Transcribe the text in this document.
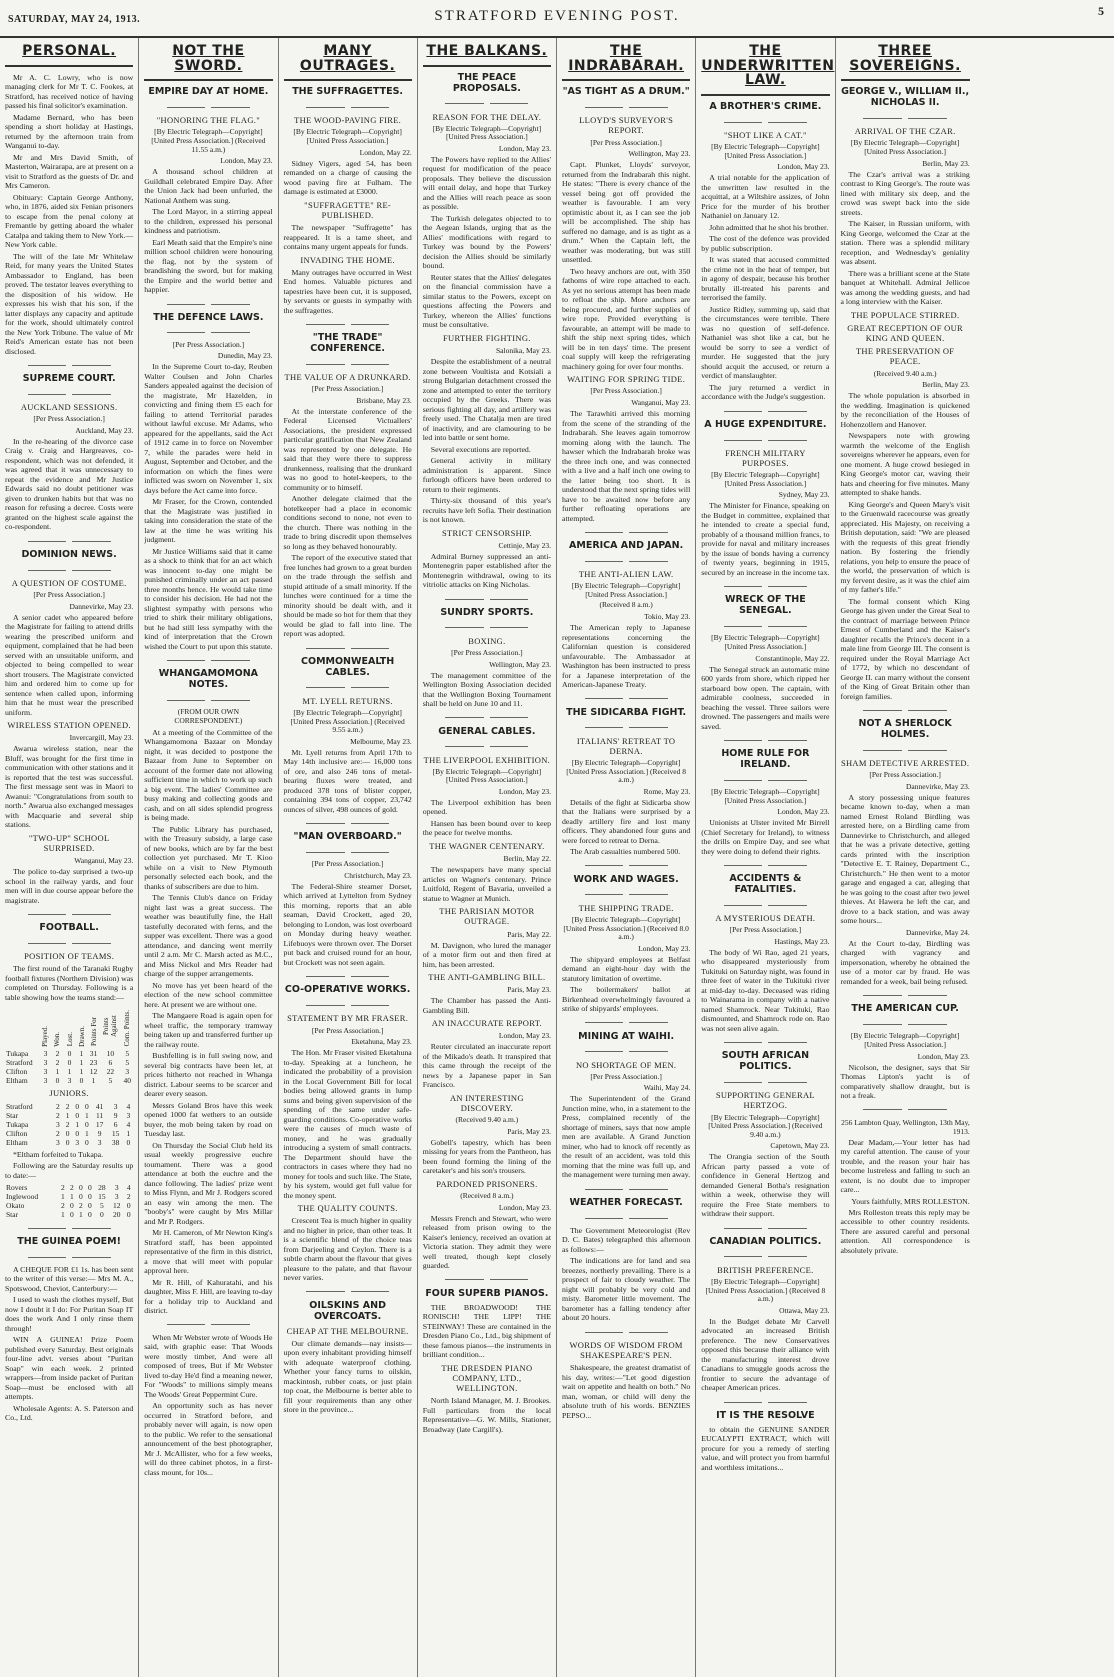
SATURDAY, MAY 24, 1913.	STRATFORD EVENING POST.	5
PERSONAL.

Mr A. C. Lowry, who is now managing clerk for Mr T. C. Fookes, at Stratford, has received notice of having passed his final solicitor's examination.

Madame Bernard, who has been spending a short holiday at Hastings, returned by the afternoon train from Wanganui to-day.

Mr and Mrs David Smith, of Masterton, Wairarapa, are at present on a visit to Stratford as the guests of Dr. and Mrs Cameron.

Obituary: Captain George Anthony, who, in 1876, aided six Fenian prisoners to escape from the penal colony at Fremantle by getting aboard the whaler Catalpa and taking them to New York.—New York cable.

The will of the late Mr Whitelaw Reid, for many years the United States Ambassador to England, has been proved. The testator leaves everything to the disposition of his widow. He expresses his wish that his son, if the latter displays any capacity and aptitude for the work, should ultimately control the New York Tribune. The value of Mr Reid's American estate has not been disclosed.

SUPREME COURT.
AUCKLAND SESSIONS.
[Per Press Association.]
Auckland, May 23.

In the re-hearing of the divorce case Craig v. Craig and Hargreaves, co-respondent, which was not defended, it was agreed that it was unnecessary to repeat the evidence and Mr Justice Edwards said no doubt petitioner was given to drunken habits but that was no reason for refusing a decree. Costs were granted on the highest scale against the co-respondent.

DOMINION NEWS.
A QUESTION OF COSTUME.
[Per Press Association.]
Dannevirke, May 23.

A senior cadet who appeared before the Magistrate for failing to attend drills wearing the prescribed uniform and equipment, complained that he had been served with an unsuitable uniform, and objected to being compelled to wear short trousers. The Magistrate convicted him and ordered him to come up for sentence when called upon, informing him that he must wear the prescribed uniform.

WIRELESS STATION OPENED.
Invercargill, May 23.

Awarua wireless station, near the Bluff, was brought for the first time in communication with other stations and it is reported that the test was successful. The first message sent was in Maori to Awanui: "Congratulations from south to north." Awarua also exchanged messages with Macquarie and several ship stations.

"TWO-UP" SCHOOL SURPRISED.
Wanganui, May 23.

The police to-day surprised a two-up school in the railway yards, and four men will in due course appear before the magistrate.

FOOTBALL.
POSITION OF TEAMS.

The first round of the Taranaki Rugby football fixtures (Northern Division) was completed on Thursday. Following is a table showing how the teams stand:—

	Played.	Won.	Lost.	Drawn.	Points For	Points Against	Com. Points.
Tukapa	3	2	0	1	31	10	5
Stratford	3	2	0	1	23	6	5
Clifton	3	1	1	1	12	22	3
Eltham	3	0	3	0	1	5	40
JUNIORS.
Stratford	2	2	0	0	41	3	4
Star	2	1	0	1	11	9	3
Tukapa	3	2	1	0	17	6	4
Clifton	2	0	0	1	9	15	1
Eltham	3	0	3	0	3	38	0

*Eltham forfeited to Tukapa.

Following are the Saturday results up to date:—

Rovers	2	2	0	0	28	3	4
Inglewood	1	1	0	0	15	3	2
Okato	2	0	2	0	5	12	0
Star	1	0	1	0	0	20	0
THE GUINEA POEM!

A CHEQUE FOR £1 1s. has been sent to the writer of this verse:— Mrs M. A., Spotswood, Cheviot, Canterbury:—

I used to wash the clothes myself, But now I doubt it I do: For Puritan Soap IT does the work And I only rinse them through!

WIN A GUINEA! Prize Poem published every Saturday. Best originals four-line advt. verses about "Puritan Soap" win each week. 2 printed wrappers—from inside packet of Puritan Soap—must be enclosed with all attempts.

Wholesale Agents: A. S. Paterson and Co., Ltd.

NOT THE SWORD.
EMPIRE DAY AT HOME.
"HONORING THE FLAG."
[By Electric Telegraph—Copyright] [United Press Association.] (Received 11.55 a.m.)
London, May 23.

A thousand school children at Guildhall celebrated Empire Day. After the Union Jack had been unfurled, the National Anthem was sung.

The Lord Mayor, in a stirring appeal to the children, expressed his personal kindness and patriotism.

Earl Meath said that the Empire's nine million school children were honouring the flag, not by the system of brandishing the sword, but for making the Empire and the world better and happier.

THE DEFENCE LAWS.
[Per Press Association.]
Dunedin, May 23.

In the Supreme Court to-day, Reuben Walter Coulsen and John Charles Sanders appealed against the decision of the magistrate, Mr Hazelden, in convicting and fining them £5 each for failing to attend Territorial parades without lawful excuse. Mr Adams, who appeared for the appellants, said the Act of 1912 came in to force on November 7, while the parades were held in August, September and October, and the information on which the fines were inflicted was sworn on November 1, six days before the Act came into force.

Mr Fraser, for the Crown, contended that the Magistrate was justified in taking into consideration the state of the law at the time he was writing his judgment.

Mr Justice Williams said that it came as a shock to think that for an act which was innocent to-day one might be punished criminally under an act passed three months hence. He would take time to consider his decision. He had not the slightest sympathy with persons who tried to shirk their military obligations, but he had still less sympathy with the kind of interpretation that the Crown wished the Court to put upon this statute.

WHANGAMOMONA NOTES.
(FROM OUR OWN CORRESPONDENT.)

At a meeting of the Committee of the Whangamomona Bazaar on Monday night, it was decided to postpone the Bazaar from June to September on account of the former date not allowing sufficient time in which to work up such a big event. The ladies' Committee are busy making and collecting goods and cash, and on all sides splendid progress is being made.

The Public Library has purchased, with the Treasury subsidy, a large case of new books, which are by far the best collection yet purchased. Mr T. Kioo while on a visit to New Plymouth personally selected each book, and the thanks of subscribers are due to him.

The Tennis Club's dance on Friday night last was a great success. The weather was beautifully fine, the Hall tastefully decorated with ferns, and the supper was excellent. There was a good attendance, and dancing went merrily until 2 a.m. Mr C. Marsh acted as M.C., and Miss Nickol and Mrs Reader had charge of the supper arrangements.

No move has yet been heard of the election of the new school committee here. At present we are without one.

The Mangaere Road is again open for wheel traffic, the temporary tramway being taken up and transferred further up the railway route.

Bushfelling is in full swing now, and several big contracts have been let, at prices hitherto not reached in Whanga district. Labour seems to be scarcer and dearer every season.

Messrs Goland Bros have this week opened 1000 fat wethers to an outside buyer, the mob being taken by road on Tuesday last.

On Thursday the Social Club held its usual weekly progressive euchre tournament. There was a good attendance at both the euchre and the dance following. The ladies' prize went to Miss Flynn, and Mr J. Rodgers scored an easy win among the men. The "booby's" were caught by Mrs Millar and Mr P. Rodgers.

Mr H. Cameron, of Mr Newton King's Stratford staff, has been appointed representative of the firm in this district, a move that will meet with popular approval here.

Mr R. Hill, of Kahuratahi, and his daughter, Miss F. Hill, are leaving to-day for a holiday trip to Auckland and district.

When Mr Webster wrote of Woods He said, with graphic ease: That Woods were mostly timber, And were all composed of trees, But if Mr Webster lived to-day He'd find a meaning newer, For "Woods" to millions simply means The Woods' Great Peppermint Cure.

An opportunity such as has never occurred in Stratford before, and probably never will again, is now open to the public. We refer to the sensational announcement of the best photographer, Mr J. McAllister, who for a few weeks, will do three cabinet photos, in a first-class mount, for 10s...

MANY OUTRAGES.
THE SUFFRAGETTES.
THE WOOD-PAVING FIRE.
[By Electric Telegraph—Copyright] [United Press Association.]
London, May 22.

Sidney Vigers, aged 54, has been remanded on a charge of causing the wood paving fire at Fulham. The damage is estimated at £3000.

"SUFFRAGETTE" RE-PUBLISHED.

The newspaper "Suffragette" has reappeared. It is a tame sheet, and contains many urgent appeals for funds.

INVADING THE HOME.

Many outrages have occurred in West End homes. Valuable pictures and tapestries have been cut, it is supposed, by servants or guests in sympathy with the suffragettes.

"THE TRADE" CONFERENCE.
THE VALUE OF A DRUNKARD.
[Per Press Association.]
Brisbane, May 23.

At the interstate conference of the Federal Licensed Victuallers' Associations, the president expressed particular gratification that New Zealand was represented by one delegate. He said that they were there to suppress drunkenness, realising that the drunkard was no good to hotel-keepers, to the community or to himself.

Another delegate claimed that the hotelkeeper had a place in economic conditions second to none, not even to the church. There was nothing in the trade to bring discredit upon themselves so long as they behaved honourably.

The report of the executive stated that free lunches had grown to a great burden on the trade through the selfish and stupid attitude of a small minority. If the lunches were continued for a time the minority should be dealt with, and it should be made so hot for them that they would be glad to fall into line. The report was adopted.

COMMONWEALTH CABLES.
MT. LYELL RETURNS.
[By Electric Telegraph—Copyright] [United Press Association.] (Received 9.55 a.m.)
Melbourne, May 23.

Mt. Lyell returns from April 17th to May 14th inclusive are:— 16,000 tons of ore, and also 246 tons of metal-bearing fluxes were treated, and produced 378 tons of blister copper, containing 394 tons of copper, 23,742 ounces of silver, 498 ounces of gold.

"MAN OVERBOARD."
[Per Press Association.]
Christchurch, May 23.

The Federal-Shire steamer Dorset, which arrived at Lyttelton from Sydney this morning, reports that an able seaman, David Crockett, aged 20, belonging to London, was lost overboard on Monday during heavy weather. Lifebuoys were thrown over. The Dorset put back and cruised round for an hour, but Crockett was not seen again.

CO-OPERATIVE WORKS.
STATEMENT BY MR FRASER.
[Per Press Association.]
Eketahuna, May 23.

The Hon. Mr Fraser visited Eketahuna to-day. Speaking at a luncheon, he indicated the probability of a provision in the Local Government Bill for local bodies being allowed grants in lump sums and being given supervision of the spending of the same under safe-guarding conditions. Co-operative works were the causes of much waste of money, and he was gradually introducing a system of small contracts. The Department should have the contractors in cases where they had no money for tools and such like. The State, by his system, would get full value for the money spent.

THE QUALITY COUNTS.

Crescent Tea is much higher in quality and no higher in price, than other teas. It is a scientific blend of the choice teas from Darjeeling and Ceylon. There is a subtle charm about the flavour that gives pleasure to the palate, and that flavour never varies.

OILSKINS AND OVERCOATS.
CHEAP AT THE MELBOURNE.

Our climate demands—nay insists—upon every inhabitant providing himself with adequate waterproof clothing. Whether your fancy turns to oilskin, mackintosh, rubber coats, or just plain top coat, the Melbourne is better able to fill your requirements than any other store in the province...

THE BALKANS.
THE PEACE PROPOSALS.
REASON FOR THE DELAY.
[By Electric Telegraph—Copyright] [United Press Association.]
London, May 23.

The Powers have replied to the Allies' request for modification of the peace proposals. They believe the discussion will entail delay, and hope that Turkey and the Allies will reach peace as soon as possible.

The Turkish delegates objected to to the Aegean Islands, urging that as the Allies' modifications with regard to Turkey was bound by the Powers' decision the Allies should be similarly bound.

Reuter states that the Allies' delegates on the financial commission have a similar status to the Powers, except on questions affecting the Powers and Turkey, whereon the Allies' functions must be consultative.

FURTHER FIGHTING.
Salonika, May 23.

Despite the establishment of a neutral zone between Voultista and Kotsiali a strong Bulgarian detachment crossed the zone and attempted to enter the territory occupied by the Greeks. There was serious fighting all day, and artillery was freely used. The Chatalja men are tired of inactivity, and are clamouring to be led into battle or sent home.

Several executions are reported.

General activity in military administration is apparent. Since furlough officers have been ordered to return to their regiments.

Thirty-six thousand of this year's recruits have left Sofia. Their destination is not known.

STRICT CENSORSHIP.
Cettinje, May 23.

Admiral Burney suppressed an anti-Montenegrin paper established after the Montenegrin withdrawal, owing to its vitriolic attacks on King Nicholas.

SUNDRY SPORTS.
BOXING.
[Per Press Association.]
Wellington, May 23.

The management committee of the Wellington Boxing Association decided that the Wellington Boxing Tournament shall be held on June 10 and 11.

GENERAL CABLES.
THE LIVERPOOL EXHIBITION.
[By Electric Telegraph—Copyright] [United Press Association.]
London, May 23.

The Liverpool exhibition has been opened.

Hansen has been bound over to keep the peace for twelve months.

THE WAGNER CENTENARY.
Berlin, May 22.

The newspapers have many special articles on Wagner's centenary. Prince Luitfold, Regent of Bavaria, unveiled a statue to Wagner at Munich.

THE PARISIAN MOTOR OUTRAGE.
Paris, May 22.

M. Davignon, who lured the manager of a motor firm out and then fired at him, has been arrested.

THE ANTI-GAMBLING BILL.
Paris, May 23.

The Chamber has passed the Anti-Gambling Bill.

AN INACCURATE REPORT.
London, May 23.

Reuter circulated an inaccurate report of the Mikado's death. It transpired that this came through the receipt of the news by a Japanese paper in San Francisco.

AN INTERESTING DISCOVERY.
(Received 9.40 a.m.)
Paris, May 23.

Gobell's tapestry, which has been missing for years from the Pantheon, has been found forming the lining of the caretaker's and his son's trousers.

PARDONED PRISONERS.
(Received 8 a.m.)
London, May 23.

Messrs French and Stewart, who were released from prison owing to the Kaiser's leniency, received an ovation at Victoria station. They admit they were well treated, though kept closely guarded.

FOUR SUPERB PIANOS.

THE BROADWOOD! THE RONISCH! THE LIPP! THE STEINWAY! These are contained in the Dresden Piano Co., Ltd., big shipment of these famous pianos—the instruments in brilliant condition...

THE DRESDEN PIANO COMPANY, LTD., WELLINGTON.

North Island Manager, M. J. Brookes. Full particulars from the local Representative—G. W. Mills, Stationer, Broadway (late Cargill's).

THE INDRABARAH.
"AS TIGHT AS A DRUM."
LLOYD'S SURVEYOR'S REPORT.
[Per Press Association.]
Wellington, May 23.

Capt. Plunket, Lloyds' surveyor, returned from the Indrabarah this night. He states: "There is every chance of the vessel being got off provided the weather is favourable. I am very optimistic about it, as I can see the job will be accomplished. The ship has suffered no damage, and is as tight as a drum." When the Captain left, the weather was moderating, but was still unsettled.

Two heavy anchors are out, with 350 fathoms of wire rope attached to each. As yet no serious attempt has been made to refloat the ship. More anchors are being procured, and further supplies of wire rope. Provided everything is favourable, an attempt will be made to shift the ship next spring tides, which will be in ten days' time. The present coal supply will keep the refrigerating machinery going for over four months.

WAITING FOR SPRING TIDE.
[Per Press Association.]
Wanganui, May 23.

The Tarawhiti arrived this morning from the scene of the stranding of the Indrabarah. She leaves again tomorrow morning along with the launch. The hawser which the Indrabarah broke was the three inch one, and was connected with a live and a half inch one owing to the latter being too short. It is understood that the next spring tides will have to be awaited now before any further refloating operations are attempted.

AMERICA AND JAPAN.
THE ANTI-ALIEN LAW.
[By Electric Telegraph—Copyright] [United Press Association.]
(Received 8 a.m.)
Tokio, May 23.

The American reply to Japanese representations concerning the Californian question is considered unfavourable. The Ambassador at Washington has been instructed to press for a Japanese interpretation of the American-Japanese Treaty.

THE SIDICARBA FIGHT.
ITALIANS' RETREAT TO DERNA.
[By Electric Telegraph—Copyright] [United Press Association.] (Received 8 a.m.)
Rome, May 23.

Details of the fight at Sidicarba show that the Italians were surprised by a deadly artillery fire and lost many officers. They abandoned four guns and were forced to retreat to Derna.

The Arab casualties numbered 500.

WORK AND WAGES.
THE SHIPPING TRADE.
[By Electric Telegraph—Copyright] [United Press Association.] (Received 8.0 a.m.)
London, May 23.

The shipyard employees at Belfast demand an eight-hour day with the statutory limitation of overtime.

The boilermakers' ballot at Birkenhead overwhelmingly favoured a strike of shipyards' employees.

MINING AT WAIHI.
NO SHORTAGE OF MEN.
[Per Press Association.]
Waihi, May 24.

The Superintendent of the Grand Junction mine, who, in a statement to the Press, complained recently of the shortage of miners, says that now ample men are available. A Grand Junction miner, who had to knock off recently as the result of an accident, was told this morning that the mine was full up, and the management were turning men away.

WEATHER FORECAST.

The Government Meteorologist (Rev D. C. Bates) telegraphed this afternoon as follows:—

The indications are for land and sea breezes, northerly prevailing. There is a prospect of fair to cloudy weather. The night will probably be very cold and misty. Barometer little movement. The barometer has a falling tendency after about 20 hours.

WORDS OF WISDOM FROM SHAKESPEARE'S PEN.

Shakespeare, the greatest dramatist of his day, writes:—"Let good digestion wait on appetite and health on both." No man, woman, or child will deny the absolute truth of his words. BENZIES PEPSO...

THE UNDERWRITTEN LAW.
A BROTHER'S CRIME.
"SHOT LIKE A CAT."
[By Electric Telegraph—Copyright] [United Press Association.]
London, May 23.

A trial notable for the application of the unwritten law resulted in the acquittal, at a Wiltshire assizes, of John Price for the murder of his brother Nathaniel on January 12.

John admitted that he shot his brother.

The cost of the defence was provided by public subscription.

It was stated that accused committed the crime not in the heat of temper, but in agony of despair, because his brother brutally ill-treated his parents and terrorised the family.

Justice Ridley, summing up, said that the circumstances were terrible. There was no question of self-defence. Nathaniel was shot like a cat, but he would be sorry to see a verdict of murder. He suggested that the jury should acquit the accused, or return a verdict of manslaughter.

The jury returned a verdict in accordance with the Judge's suggestion.

A HUGE EXPENDITURE.
FRENCH MILITARY PURPOSES.
[By Electric Telegraph—Copyright] [United Press Association.]
Sydney, May 23.

The Minister for Finance, speaking on the Budget in committee, explained that he intended to create a special fund, probably of a thousand million francs, to provide for naval and military increases by the issue of bonds having a currency of twenty years, beginning in 1915, secured by an increase in the income tax.

WRECK OF THE SENEGAL.
[By Electric Telegraph—Copyright] [United Press Association.]
Constantinople, May 22.

The Senegal struck an automatic mine 600 yards from shore, which ripped her starboard bow open. The captain, with admirable coolness, succeeded in beaching the vessel. Three sailors were drowned. The passengers and mails were saved.

HOME RULE FOR IRELAND.
[By Electric Telegraph—Copyright] [United Press Association.]
London, May 23.

Unionists at Ulster invited Mr Birrell (Chief Secretary for Ireland), to witness the drills on Empire Day, and see what they were doing to defend their rights.

ACCIDENTS & FATALITIES.
A MYSTERIOUS DEATH.
[Per Press Association.]
Hastings, May 23.

The body of Wi Rao, aged 21 years, who disappeared mysteriously from Tukituki on Saturday night, was found in three feet of water in the Tukituki river at mid-day to-day. Deceased was riding to Wainarama in company with a native named Shamrock. Near Tukituki, Rao dismounted, and Shamrock rode on. Rao was not seen alive again.

SOUTH AFRICAN POLITICS.
SUPPORTING GENERAL HERTZOG.
[By Electric Telegraph—Copyright] [United Press Association.] (Received 9.40 a.m.)
Capetown, May 23.

The Orangia section of the South African party passed a vote of confidence in General Hertzog and demanded General Botha's resignation within a week, otherwise they will require the Free State members to withdraw their support.

CANADIAN POLITICS.
BRITISH PREFERENCE.
[By Electric Telegraph—Copyright] [United Press Association.] (Received 8 a.m.)
Ottawa, May 23.

In the Budget debate Mr Carvell advocated an increased British preference. The new Conservatives opposed this because their alliance with the manufacturing interest drove Canadians to smuggle goods across the frontier to secure the advantage of cheaper American prices.

IT IS THE RESOLVE

to obtain the GENUINE SANDER EUCALYPTI EXTRACT, which will procure for you a remedy of sterling value, and will protect you from harmful and worthless imitations...

THREE SOVEREIGNS.
GEORGE V., WILLIAM II., NICHOLAS II.
ARRIVAL OF THE CZAR.
[By Electric Telegraph—Copyright] [United Press Association.]
Berlin, May 23.

The Czar's arrival was a striking contrast to King George's. The route was lined with military six deep, and the crowd was swept back into the side streets.

The Kaiser, in Russian uniform, with King George, welcomed the Czar at the station. There was a splendid military reception, and Wednesday's geniality was absent.

There was a brilliant scene at the State banquet at Whitehall. Admiral Jellicoe was among the wedding guests, and had a long interview with the Kaiser.

THE POPULACE STIRRED.
GREAT RECEPTION OF OUR KING AND QUEEN.
THE PRESERVATION OF PEACE.
(Received 9.40 a.m.)
Berlin, May 23.

The whole population is absorbed in the wedding. Imagination is quickened by the reconciliation of the Houses of Hohenzollern and Hanover.

Newspapers note with growing warmth the welcome of the English sovereigns wherever he appears, even for one moment. A huge crowd besieged in King George's motor car, waving their hats and cheering for five minutes. Many attempted to shake hands.

King George's and Queen Mary's visit to the Gruenwald racecourse was greatly appreciated. His Majesty, on receiving a British deputation, said: "We are pleased with the requests of this great friendly nation. By fostering the friendly relations, you help to ensure the peace of the world, the preservation of which is my fervent desire, as it was the chief aim of my father's life."

The formal consent which King George has given under the Great Seal to the contract of marriage between Prince Ernest of Cumberland and the Kaiser's daughter recalls the Prince's decent in a male line from George III. The consent is required under the Royal Marriage Act of 1772, by which no descendant of George II. can marry without the consent of the King of Great Britain other than foreign families.

NOT A SHERLOCK HOLMES.
SHAM DETECTIVE ARRESTED.
[Per Press Association.]
Dannevirke, May 23.

A story possessing unique features became known to-day, when a man named Ernest Roland Birdling was arrested here, on a Birdling came from Dannevirke to Christchurch, and alleged that he was a private detective, getting cards printed with the inscription "Detective E. T. Rainey, Department C., Christchurch." He then went to a motor garage and engaged a car, alleging that he was going to the coast after two jewel thieves. At Hawera he left the car, and drove to a back station, and was away some hours...

Dannevirke, May 24.

At the Court to-day, Birdling was charged with vagrancy and impersonation, whereby he obtained the use of a motor car by fraud. He was remanded for a week, bail being refused.

THE AMERICAN CUP.
[By Electric Telegraph—Copyright] [United Press Association.]
London, May 23.

Nicolson, the designer, says that Sir Thomas Lipton's yacht is of comparatively shallow draught, but is not a freak.

256 Lambton Quay, Wellington, 13th May, 1913.

Dear Madam,—Your letter has had my careful attention. The cause of your trouble, and the reason your hair has become lustreless and falling to such an extent, is no doubt due to improper care...

Yours faithfully, MRS ROLLESTON.

Mrs Rolleston treats this reply may be accessible to other country residents. There are assured careful and personal attention. All correspondence is absolutely private.
